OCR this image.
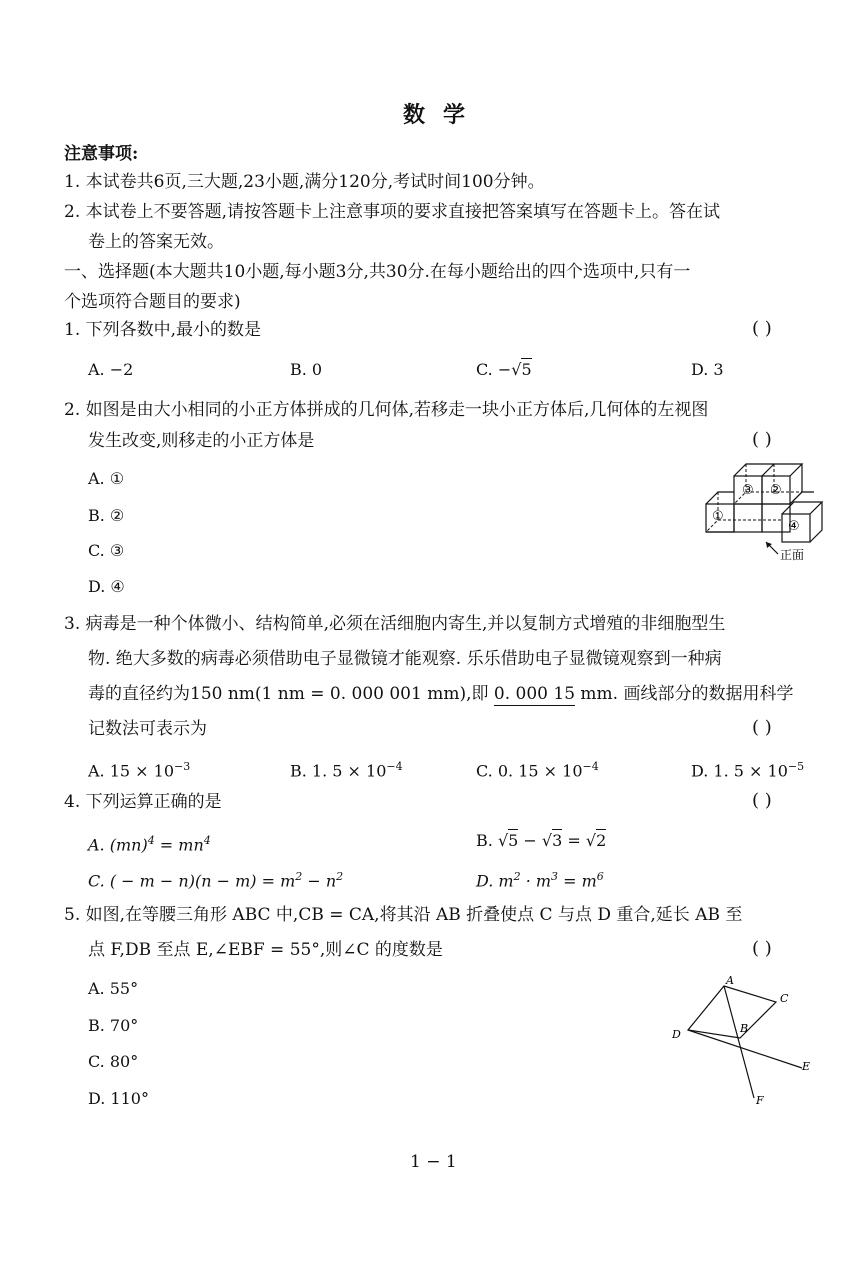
数学
注意事项:
1. 本试卷共6页,三大题,23小题,满分120分,考试时间100分钟。
2. 本试卷上不要答题,请按答题卡上注意事项的要求直接把答案填写在答题卡上。答在试
卷上的答案无效。
一、选择题(本大题共10小题,每小题3分,共30分.在每小题给出的四个选项中,只有一
个选项符合题目的要求)
1. 下列各数中,最小的数是	( )
A. −2	B. 0	C. −√5	D. 3
2. 如图是由大小相同的小正方体拼成的几何体,若移走一块小正方体后,几何体的左视图
发生改变,则移走的小正方体是	( )
A. ①
B. ②
C. ③
D. ④
③ ②
①
④
正面
3. 病毒是一种个体微小、结构简单,必须在活细胞内寄生,并以复制方式增殖的非细胞型生
物. 绝大多数的病毒必须借助电子显微镜才能观察. 乐乐借助电子显微镜观察到一种病
毒的直径约为150 nm(1 nm = 0. 000 001 mm),即 0. 000 15 mm. 画线部分的数据用科学
记数法可表示为	( )
A. $15 \times 10^{-3}$	B. 1. $5 \times 10^{-4}$	C. 0. $15 \times 10^{-4}$	D. 1. $5 \times 10^{-5}$
4. 下列运算正确的是	( )
A. $(mn)^4 = mn^4$	B. √5 − √3 = √2
C. ( − $m - n)(n - m) = m^2 - n^2$	D. $m^2 \cdot m^3 = m^6$
5. 如图,在等腰三角形 ABC 中,CB = CA,将其沿 AB 折叠使点 C 与点 D 重合,延长 AB 至
点 F,DB 至点 E,∠EBF = 55°,则∠C 的度数是	( )
A. 55°
B. 70°
C. 80°
D. 110°
A
C
B
D
E
F
1 − 1
